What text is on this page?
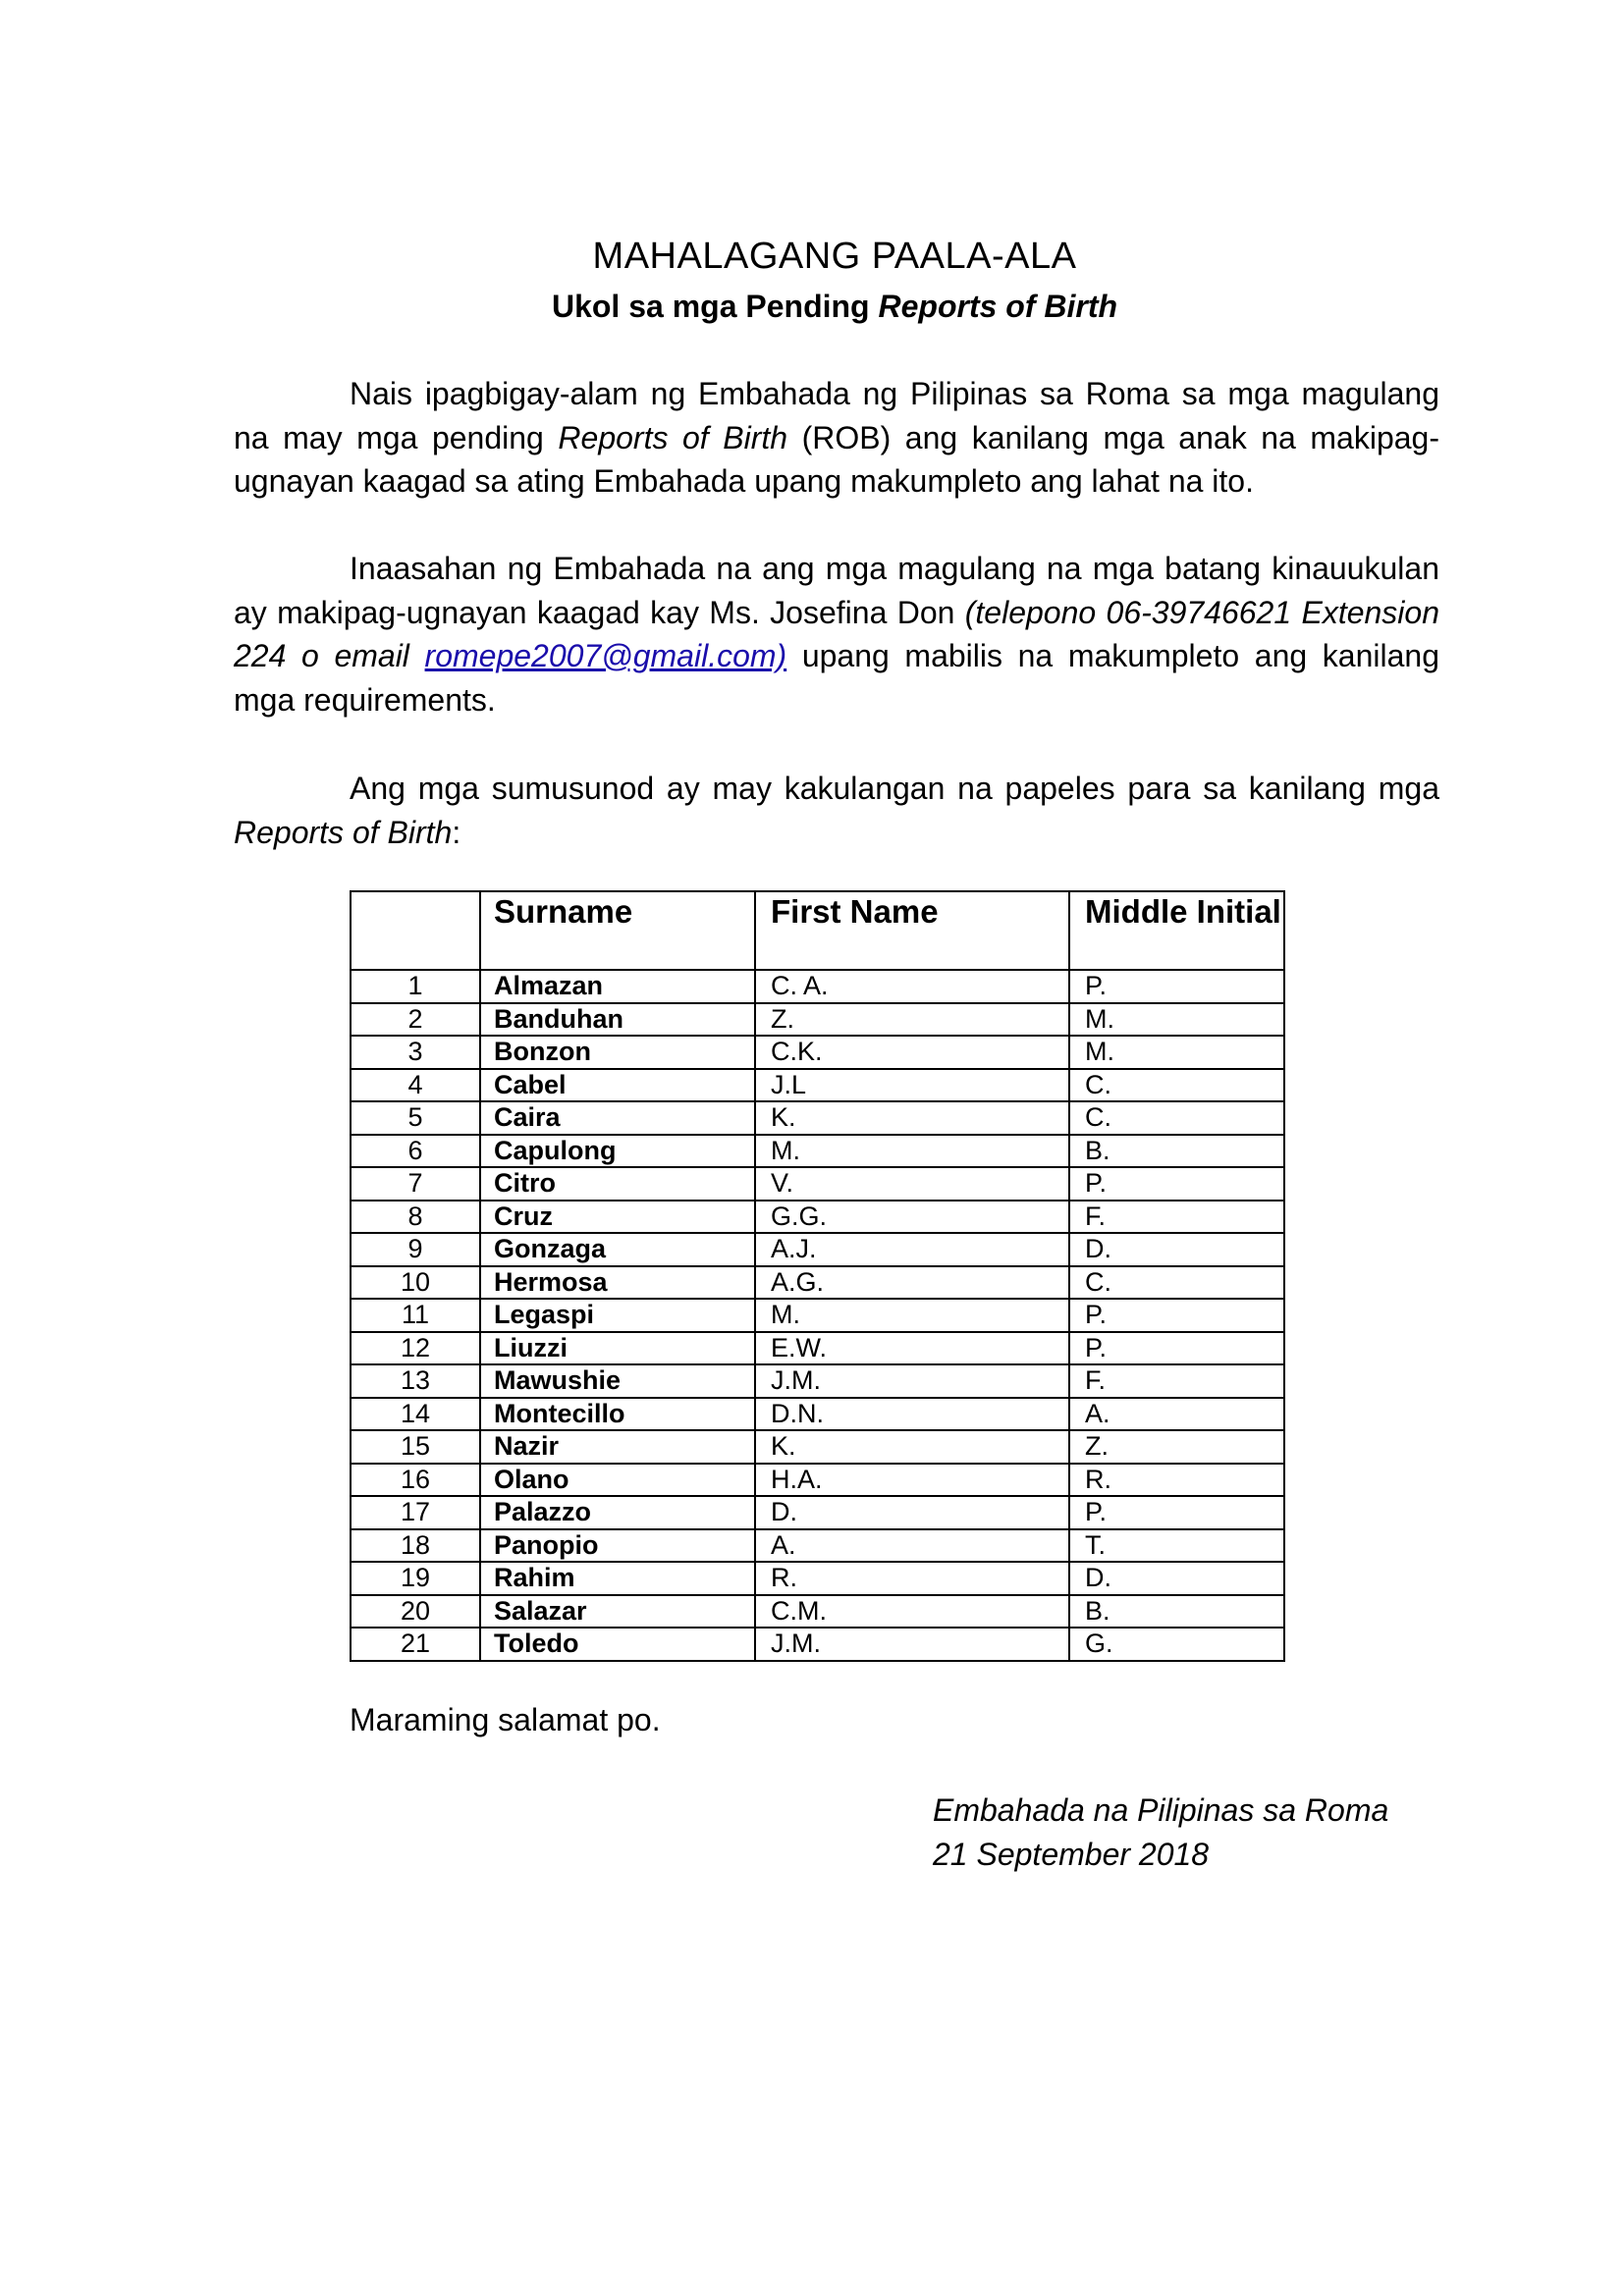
MAHALAGANG PAALA-ALA
Ukol sa mga Pending Reports of Birth
Nais ipagbigay-alam ng Embahada ng Pilipinas sa Roma sa mga magulang na may mga pending Reports of Birth (ROB) ang kanilang mga anak na makipag-ugnayan kaagad sa ating Embahada upang makumpleto ang lahat na ito.
Inaasahan ng Embahada na ang mga magulang na mga batang kinauukulan ay makipag-ugnayan kaagad kay Ms. Josefina Don (telepono 06-39746621 Extension 224 o email romepe2007@gmail.com) upang mabilis na makumpleto ang kanilang mga requirements.
Ang mga sumusunod ay may kakulangan na papeles para sa kanilang mga Reports of Birth:
	Surname	First Name	Middle Initial
1	Almazan	C. A.	P.
2	Banduhan	Z.	M.
3	Bonzon	C.K.	M.
4	Cabel	J.L	C.
5	Caira	K.	C.
6	Capulong	M.	B.
7	Citro	V.	P.
8	Cruz	G.G.	F.
9	Gonzaga	A.J.	D.
10	Hermosa	A.G.	C.
11	Legaspi	M.	P.
12	Liuzzi	E.W.	P.
13	Mawushie	J.M.	F.
14	Montecillo	D.N.	A.
15	Nazir	K.	Z.
16	Olano	H.A.	R.
17	Palazzo	D.	P.
18	Panopio	A.	T.
19	Rahim	R.	D.
20	Salazar	C.M.	B.
21	Toledo	J.M.	G.
Maraming salamat po.
Embahada na Pilipinas sa Roma
21 September 2018
